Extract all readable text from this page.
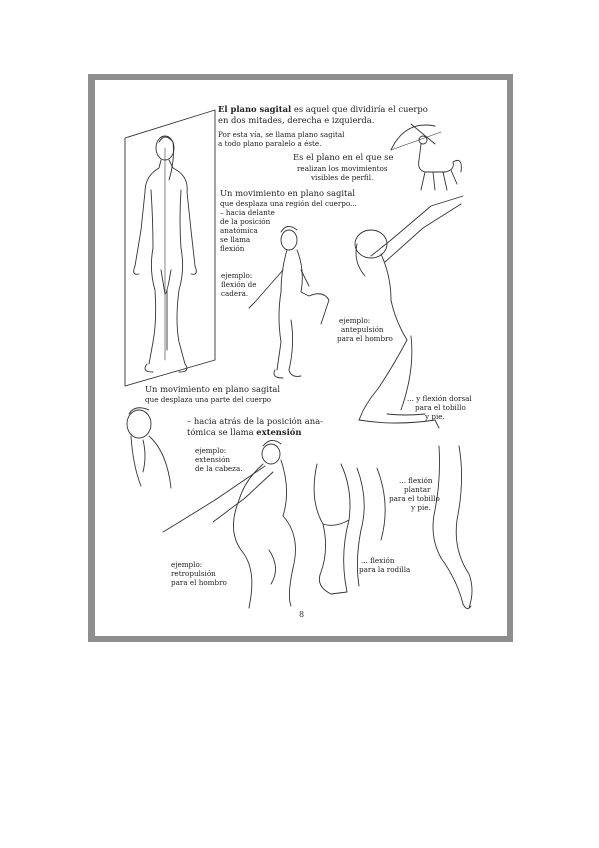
El plano sagital es aquel que dividiría el cuerpo
en dos mitades, derecha e izquierda.
Por esta vía, se llama plano sagital
a todo plano paralelo a éste.
Es el plano en el que se
realizan los movimientos
visibles de perfil.
Un movimiento en plano sagital
que desplaza una región del cuerpo...
– hacia delante
de la posición
anatómica
se llama
flexión
ejemplo:
flexión de
cadera.
ejemplo:
antepulsión
para el hombro
... y flexión dorsal
para el tobillo
y pie.
Un movimiento en plano sagital
que desplaza una parte del cuerpo
– hacia atrás de la posición ana-
tómica se llama extensión
ejemplo:
extensión
de la cabeza.
ejemplo:
retropulsión
para el hombro
... flexión
para la rodilla
... flexión
plantar
para el tobillo
y pie.
8
